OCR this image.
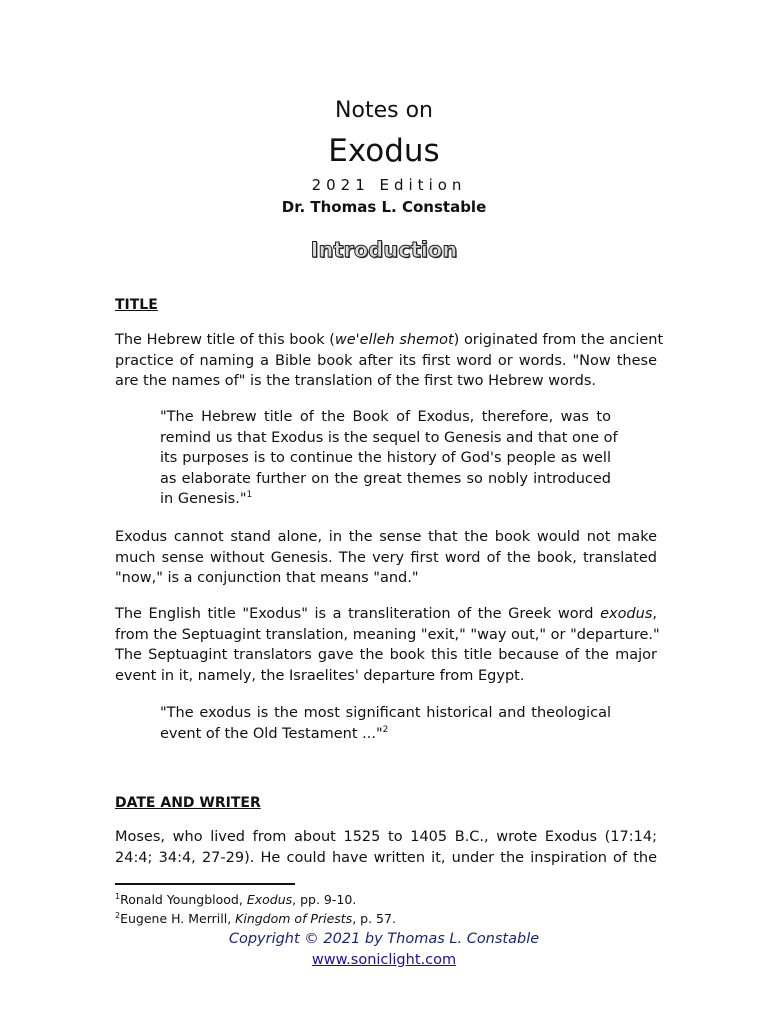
Notes on
Exodus
2021 Edition
Dr. Thomas L. Constable
Introduction
TITLE
The Hebrew title of this book (we'elleh shemot) originated from the ancient
practice of naming a Bible book after its first word or words. "Now these
are the names of" is the translation of the first two Hebrew words.
"The Hebrew title of the Book of Exodus, therefore, was to
remind us that Exodus is the sequel to Genesis and that one of
its purposes is to continue the history of God's people as well
as elaborate further on the great themes so nobly introduced
in Genesis."$^1$
Exodus cannot stand alone, in the sense that the book would not make
much sense without Genesis. The very first word of the book, translated
"now," is a conjunction that means "and."
The English title "Exodus" is a transliteration of the Greek word exodus,
from the Septuagint translation, meaning "exit," "way out," or "departure."
The Septuagint translators gave the book this title because of the major
event in it, namely, the Israelites' departure from Egypt.
"The exodus is the most significant historical and theological
event of the Old Testament ..."$^2$
DATE AND WRITER
Moses, who lived from about 1525 to 1405 B.C., wrote Exodus (17:14;
24:4; 34:4, 27-29). He could have written it, under the inspiration of the
$^1$Ronald Youngblood, Exodus, pp. 9-10.
$^2$Eugene H. Merrill, Kingdom of Priests, p. 57.
Copyright © 2021 by Thomas L. Constable
www.soniclight.com
